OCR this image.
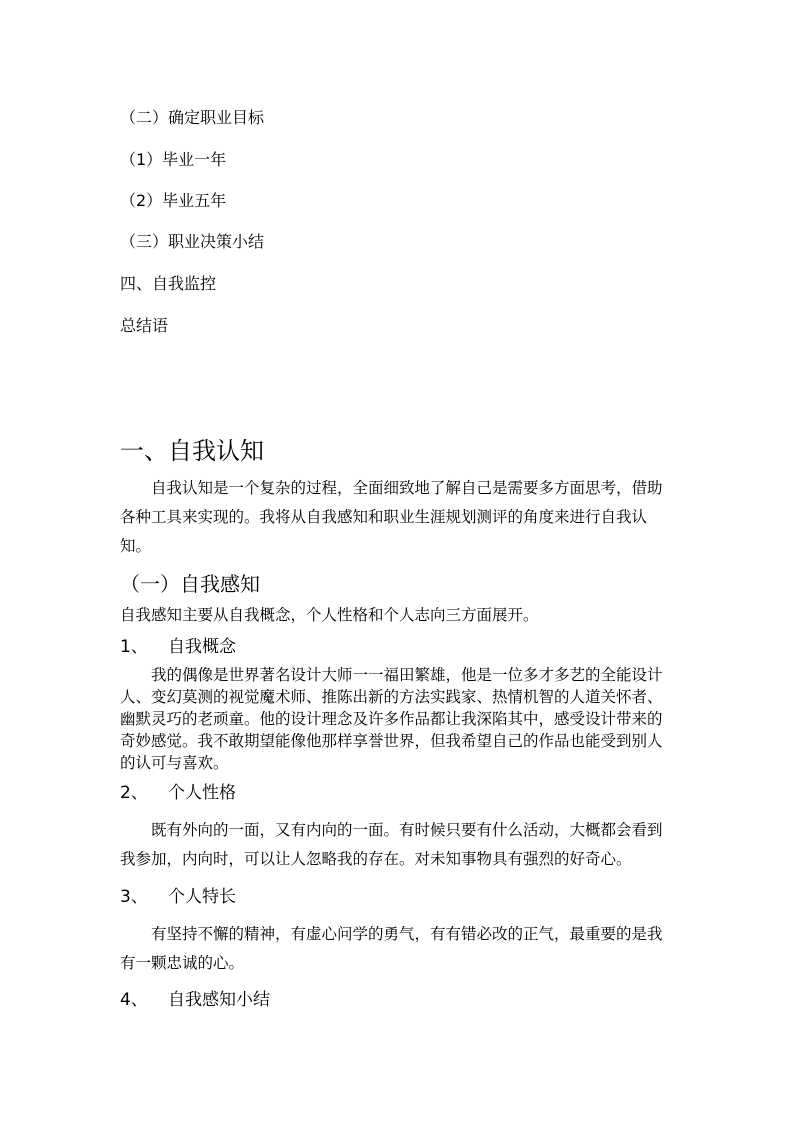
（二）确定职业目标
（1）毕业一年
（2）毕业五年
（三）职业决策小结
四、自我监控
总结语
一、自我认知
自我认知是一个复杂的过程，全面细致地了解自己是需要多方面思考，借助
各种工具来实现的。我将从自我感知和职业生涯规划测评的角度来进行自我认
知。
（一）自我感知
自我感知主要从自我概念，个人性格和个人志向三方面展开。
1、 自我概念
我的偶像是世界著名设计大师一一福田繁雄，他是一位多才多艺的全能设计
人、变幻莫测的视觉魔术师、推陈出新的方法实践家、热情机智的人道关怀者、
幽默灵巧的老顽童。他的设计理念及许多作品都让我深陷其中，感受设计带来的
奇妙感觉。我不敢期望能像他那样享誉世界，但我希望自己的作品也能受到别人
的认可与喜欢。
2、 个人性格
既有外向的一面，又有内向的一面。有时候只要有什么活动，大概都会看到
我参加，内向时，可以让人忽略我的存在。对未知事物具有强烈的好奇心。
3、 个人特长
有坚持不懈的精神，有虚心问学的勇气，有有错必改的正气，最重要的是我
有一颗忠诚的心。
4、 自我感知小结
